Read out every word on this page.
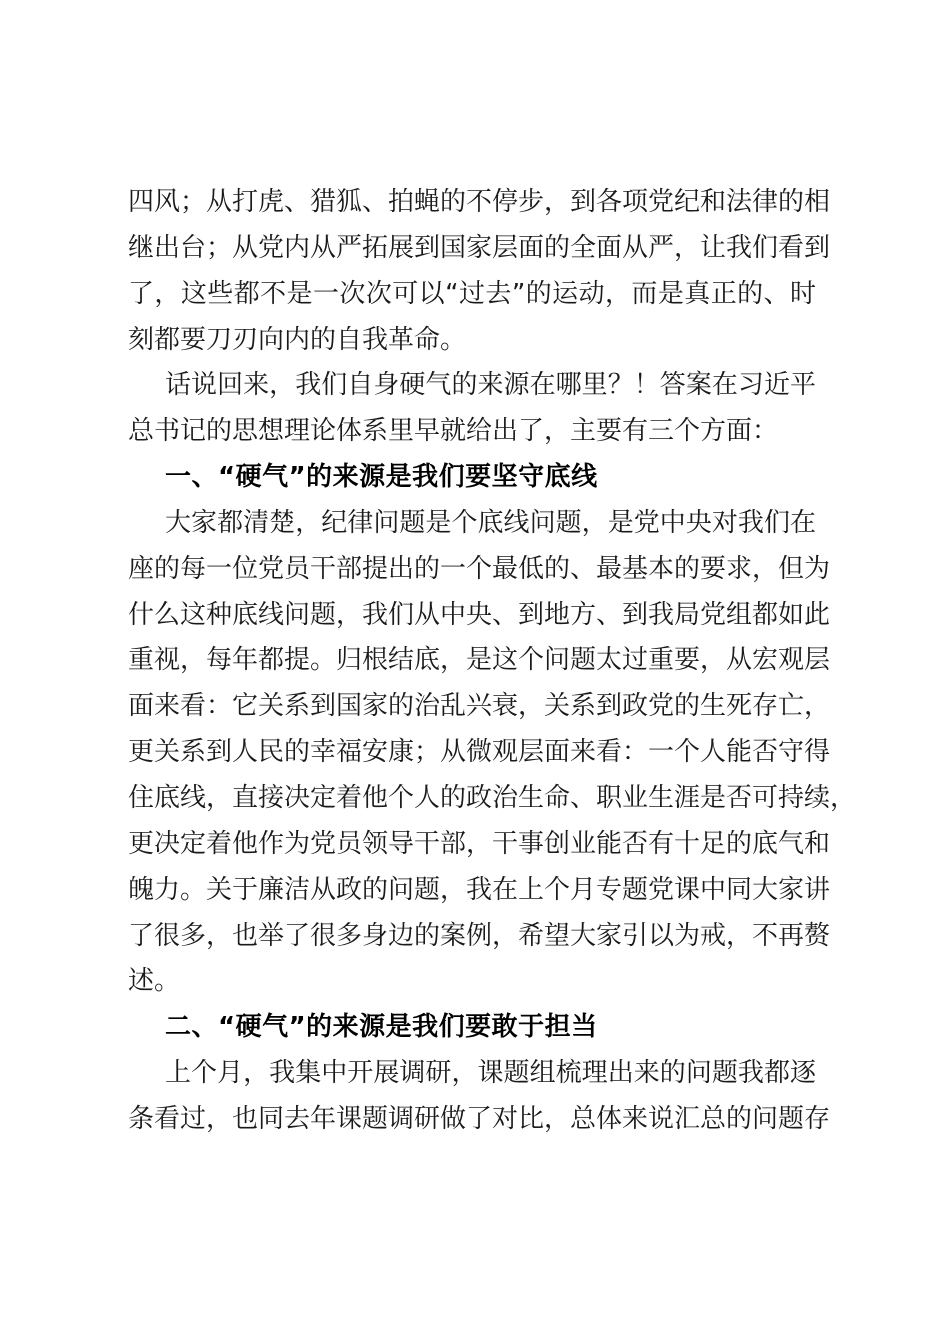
四风；从打虎、猎狐、拍蝇的不停步，到各项党纪和法律的相
继出台；从党内从严拓展到国家层面的全面从严，让我们看到
了，这些都不是一次次可以“过去”的运动，而是真正的、时
刻都要刀刃向内的自我革命。
话说回来，我们自身硬气的来源在哪里？！答案在习近平
总书记的思想理论体系里早就给出了，主要有三个方面：
一、“硬气”的来源是我们要坚守底线
大家都清楚，纪律问题是个底线问题，是党中央对我们在
座的每一位党员干部提出的一个最低的、最基本的要求，但为
什么这种底线问题，我们从中央、到地方、到我局党组都如此
重视，每年都提。归根结底，是这个问题太过重要，从宏观层
面来看：它关系到国家的治乱兴衰，关系到政党的生死存亡，
更关系到人民的幸福安康；从微观层面来看：一个人能否守得
住底线，直接决定着他个人的政治生命、职业生涯是否可持续，
更决定着他作为党员领导干部，干事创业能否有十足的底气和
魄力。关于廉洁从政的问题，我在上个月专题党课中同大家讲
了很多，也举了很多身边的案例，希望大家引以为戒，不再赘
述。
二、“硬气”的来源是我们要敢于担当
上个月，我集中开展调研，课题组梳理出来的问题我都逐
条看过，也同去年课题调研做了对比，总体来说汇总的问题存
